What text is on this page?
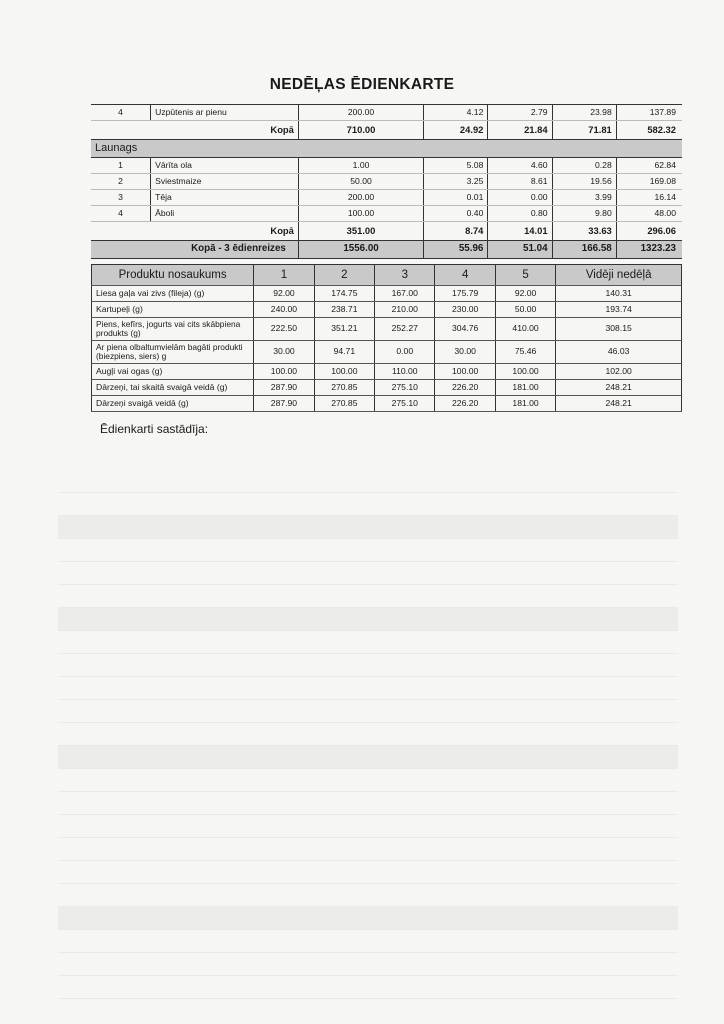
NEDĒĻAS ĒDIENKARTE
4	Uzpūtenis ar pienu	200.00	4.12	2.79	23.98	137.89
Kopā		710.00	24.92	21.84	71.81	582.32
Launags						
1	Vārīta ola	1.00	5.08	4.60	0.28	62.84
2	Sviestmaize	50.00	3.25	8.61	19.56	169.08
3	Tēja	200.00	0.01	0.00	3.99	16.14
4	Āboli	100.00	0.40	0.80	9.80	48.00
Kopā		351.00	8.74	14.01	33.63	296.06
Kopā - 3 ēdienreizes		1556.00	55.96	51.04	166.58	1323.23
Produktu nosaukums	1	2	3	4	5	Vidēji nedēļā
Liesa gaļa vai zivs (fileja) (g)	92.00	174.75	167.00	175.79	92.00	140.31
Kartupeļi (g)	240.00	238.71	210.00	230.00	50.00	193.74
Piens, kefīrs, jogurts vai cits skābpiena produkts (g)	222.50	351.21	252.27	304.76	410.00	308.15
Ar piena olbaltumvielām bagāti produkti (biezpiens, siers) g	30.00	94.71	0.00	30.00	75.46	46.03
Augļi vai ogas (g)	100.00	100.00	110.00	100.00	100.00	102.00
Dārzeņi, tai skaitā svaigā veidā (g)	287.90	270.85	275.10	226.20	181.00	248.21
Dārzeņi svaigā veidā (g)	287.90	270.85	275.10	226.20	181.00	248.21
Ēdienkarti sastādīja:
